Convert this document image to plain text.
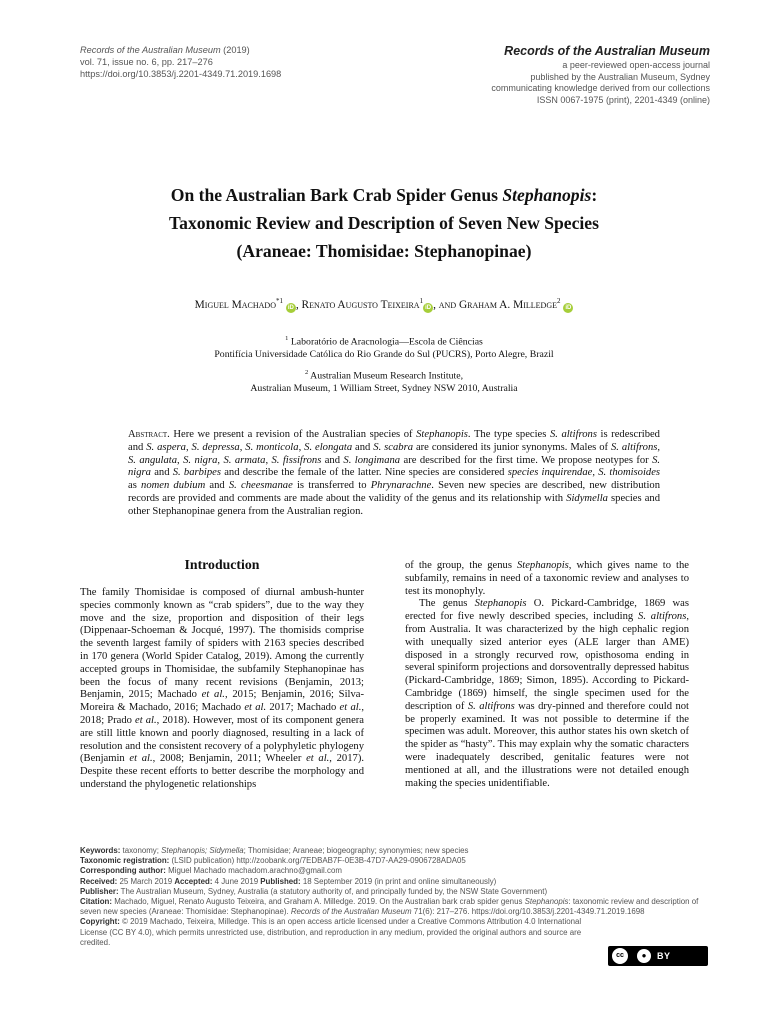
Records of the Australian Museum (2019)
vol. 71, issue no. 6, pp. 217–276
https://doi.org/10.3853/j.2201-4349.71.2019.1698
Records of the Australian Museum
a peer-reviewed open-access journal
published by the Australian Museum, Sydney
communicating knowledge derived from our collections
ISSN 0067-1975 (print), 2201-4349 (online)
On the Australian Bark Crab Spider Genus Stephanopis:
Taxonomic Review and Description of Seven New Species
(Araneae: Thomisidae: Stephanopinae)
Miguel Machado$^{*1}$ iD , Renato Augusto Teixeira$^1$iD , and Graham A. Milledge$^2$ iD
$^1$ Laboratório de Aracnologia—Escola de Ciências
Pontifícia Universidade Católica do Rio Grande do Sul (PUCRS), Porto Alegre, Brazil
$^2$ Australian Museum Research Institute,
Australian Museum, 1 William Street, Sydney NSW 2010, Australia
Abstract. Here we present a revision of the Australian species of Stephanopis. The type species S. altifrons is redescribed and S. aspera, S. depressa, S. monticola, S. elongata and S. scabra are considered its junior synonyms. Males of S. altifrons, S. angulata, S. nigra, S. armata, S. fissifrons and S. longimana are described for the first time. We propose neotypes for S. nigra and S. barbipes and describe the female of the latter. Nine species are considered species inquirendae, S. thomisoides as nomen dubium and S. cheesmanae is transferred to Phrynarachne. Seven new species are described, new distribution records are provided and comments are made about the validity of the genus and its relationship with Sidymella species and other Stephanopinae genera from the Australian region.
Introduction

The family Thomisidae is composed of diurnal ambush-hunter species commonly known as “crab spiders”, due to the way they move and the size, proportion and disposition of their legs (Dippenaar-Schoeman & Jocqué, 1997). The thomisids comprise the seventh largest family of spiders with 2163 species described in 170 genera (World Spider Catalog, 2019). Among the currently accepted groups in Thomisidae, the subfamily Stephanopinae has been the focus of many recent revisions (Benjamin, 2013; Benjamin, 2015; Machado et al., 2015; Benjamin, 2016; Silva-Moreira & Machado, 2016; Machado et al. 2017; Machado et al., 2018; Prado et al., 2018). However, most of its component genera are still little known and poorly diagnosed, resulting in a lack of resolution and the consistent recovery of a polyphyletic phylogeny (Benjamin et al., 2008; Benjamin, 2011; Wheeler et al., 2017). Despite these recent efforts to better describe the morphology and understand the phylogenetic relationships

of the group, the genus Stephanopis, which gives name to the subfamily, remains in need of a taxonomic review and analyses to test its monophyly.

The genus Stephanopis O. Pickard-Cambridge, 1869 was erected for five newly described species, including S. altifrons, from Australia. It was characterized by the high cephalic region with unequally sized anterior eyes (ALE larger than AME) disposed in a strongly recurved row, opisthosoma ending in several spiniform projections and dorsoventrally depressed habitus (Pickard-Cambridge, 1869; Simon, 1895). According to Pickard-Cambridge (1869) himself, the single specimen used for the description of S. altifrons was dry-pinned and therefore could not be properly examined. It was not possible to determine if the specimen was adult. Moreover, this author states his own sketch of the spider as “hasty”. This may explain why the somatic characters were inadequately described, genitalic features were not mentioned at all, and the illustrations were not detailed enough making the species unidentifiable.

Keywords: taxonomy; Stephanopis; Sidymella; Thomisidae; Araneae; biogeography; synonymies; new species

Taxonomic registration: (LSID publication) http://zoobank.org/7EDBAB7F-0E3B-47D7-AA29-0906728ADA05

Corresponding author: Miguel Machado machadom.arachno@gmail.com

Received: 25 March 2019 Accepted: 4 June 2019 Published: 18 September 2019 (in print and online simultaneously)

Publisher: The Australian Museum, Sydney, Australia (a statutory authority of, and principally funded by, the NSW State Government)

Citation: Machado, Miguel, Renato Augusto Teixeira, and Graham A. Milledge. 2019. On the Australian bark crab spider genus Stephanopis: taxonomic review and description of seven new species (Araneae: Thomisidae: Stephanopinae). Records of the Australian Museum 71(6): 217–276. https://doi.org/10.3853/j.2201-4349.71.2019.1698

Copyright: © 2019 Machado, Teixeira, Milledge. This is an open access article licensed under a Creative Commons Attribution 4.0 International License (CC BY 4.0), which permits unrestricted use, distribution, and reproduction in any medium, provided the original authors and source are credited.

cc	●	BY
